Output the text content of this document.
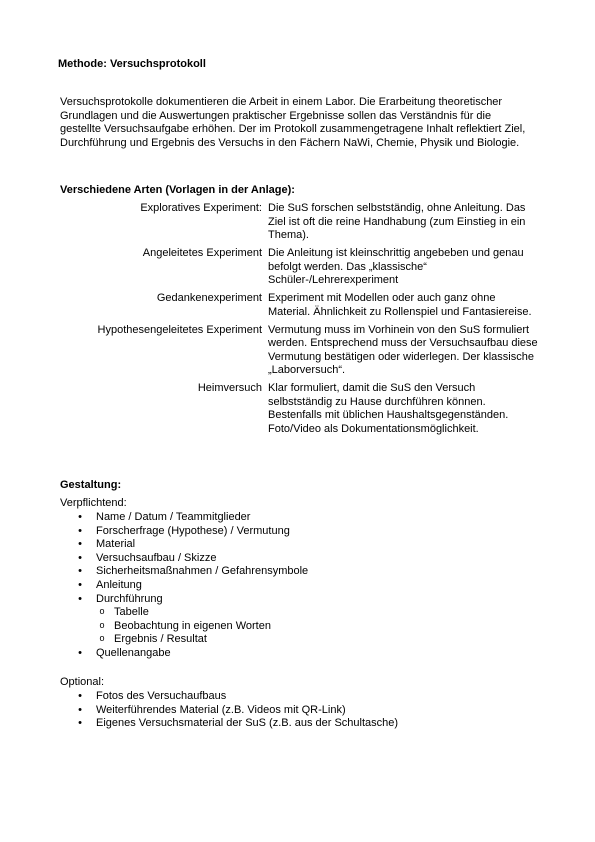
Methode: Versuchsprotokoll
Versuchsprotokolle dokumentieren die Arbeit in einem Labor. Die Erarbeitung theoretischer Grundlagen und die Auswertungen praktischer Ergebnisse sollen das Verständnis für die gestellte Versuchsaufgabe erhöhen. Der im Protokoll zusammengetragene Inhalt reflektiert Ziel, Durchführung und Ergebnis des Versuchs in den Fächern NaWi, Chemie, Physik und Biologie.
Verschiedene Arten (Vorlagen in der Anlage):
Exploratives Experiment: Die SuS forschen selbstständig, ohne Anleitung. Das Ziel ist oft die reine Handhabung (zum Einstieg in ein Thema).
Angeleitetes Experiment Die Anleitung ist kleinschrittig angebeben und genau befolgt werden. Das „klassische“ Schüler-/Lehrerexperiment
Gedankenexperiment Experiment mit Modellen oder auch ganz ohne Material. Ähnlichkeit zu Rollenspiel und Fantasiereise.
Hypothesengeleitetes Experiment Vermutung muss im Vorhinein von den SuS formuliert werden. Entsprechend muss der Versuchsaufbau diese Vermutung bestätigen oder widerlegen. Der klassische „Laborversuch“.
Heimversuch Klar formuliert, damit die SuS den Versuch selbstständig zu Hause durchführen können. Bestenfalls mit üblichen Haushaltsgegenständen. Foto/Video als Dokumentationsmöglichkeit.
Gestaltung:
Verpflichtend:
• Name / Datum / Teammitglieder
• Forscherfrage (Hypothese) / Vermutung
• Material
• Versuchsaufbau / Skizze
• Sicherheitsmaßnahmen / Gefahrensymbole
• Anleitung
• Durchführung
o Tabelle
o Beobachtung in eigenen Worten
o Ergebnis / Resultat
• Quellenangabe
Optional:
• Fotos des Versuchaufbaus
• Weiterführendes Material (z.B. Videos mit QR-Link)
• Eigenes Versuchsmaterial der SuS (z.B. aus der Schultasche)
